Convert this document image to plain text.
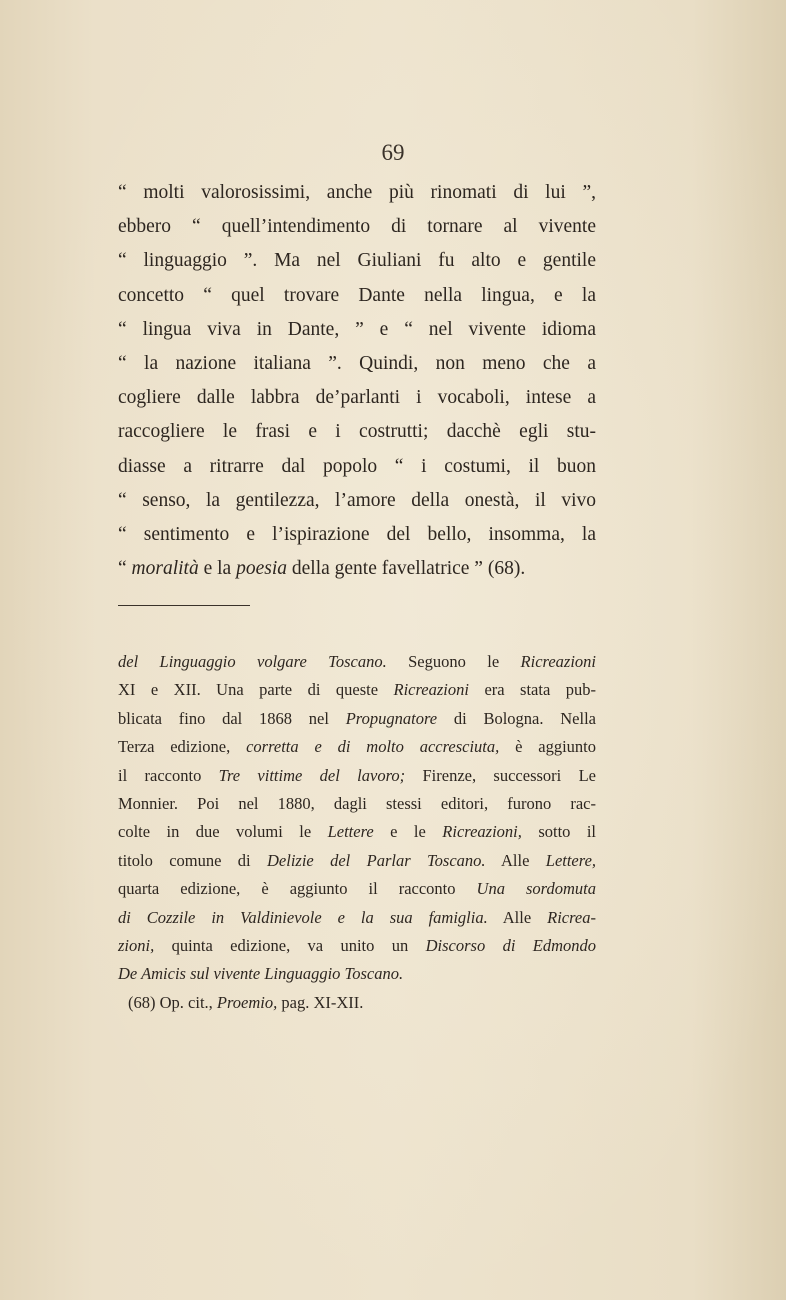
69
“ molti valorosissimi, anche più rinomati di lui ”,
ebbero “ quell’intendimento di tornare al vivente
“ linguaggio ”. Ma nel Giuliani fu alto e gentile
concetto “ quel trovare Dante nella lingua, e la
“ lingua viva in Dante, ” e “ nel vivente idioma
“ la nazione italiana ”. Quindi, non meno che a
cogliere dalle labbra de’parlanti i vocaboli, intese a
raccogliere le frasi e i costrutti; dacchè egli stu-
diasse a ritrarre dal popolo “ i costumi, il buon
“ senso, la gentilezza, l’amore della onestà, il vivo
“ sentimento e l’ispirazione del bello, insomma, la
“ moralità e la poesia della gente favellatrice ” (68).
del Linguaggio volgare Toscano. Seguono le Ricreazioni
XI e XII. Una parte di queste Ricreazioni era stata pub-
blicata fino dal 1868 nel Propugnatore di Bologna. Nella
Terza edizione, corretta e di molto accresciuta, è aggiunto
il racconto Tre vittime del lavoro; Firenze, successori Le
Monnier. Poi nel 1880, dagli stessi editori, furono rac-
colte in due volumi le Lettere e le Ricreazioni, sotto il
titolo comune di Delizie del Parlar Toscano. Alle Lettere,
quarta edizione, è aggiunto il racconto Una sordomuta
di Cozzile in Valdinievole e la sua famiglia. Alle Ricrea-
zioni, quinta edizione, va unito un Discorso di Edmondo
De Amicis sul vivente Linguaggio Toscano.
(68) Op. cit., Proemio, pag. XI-XII.
